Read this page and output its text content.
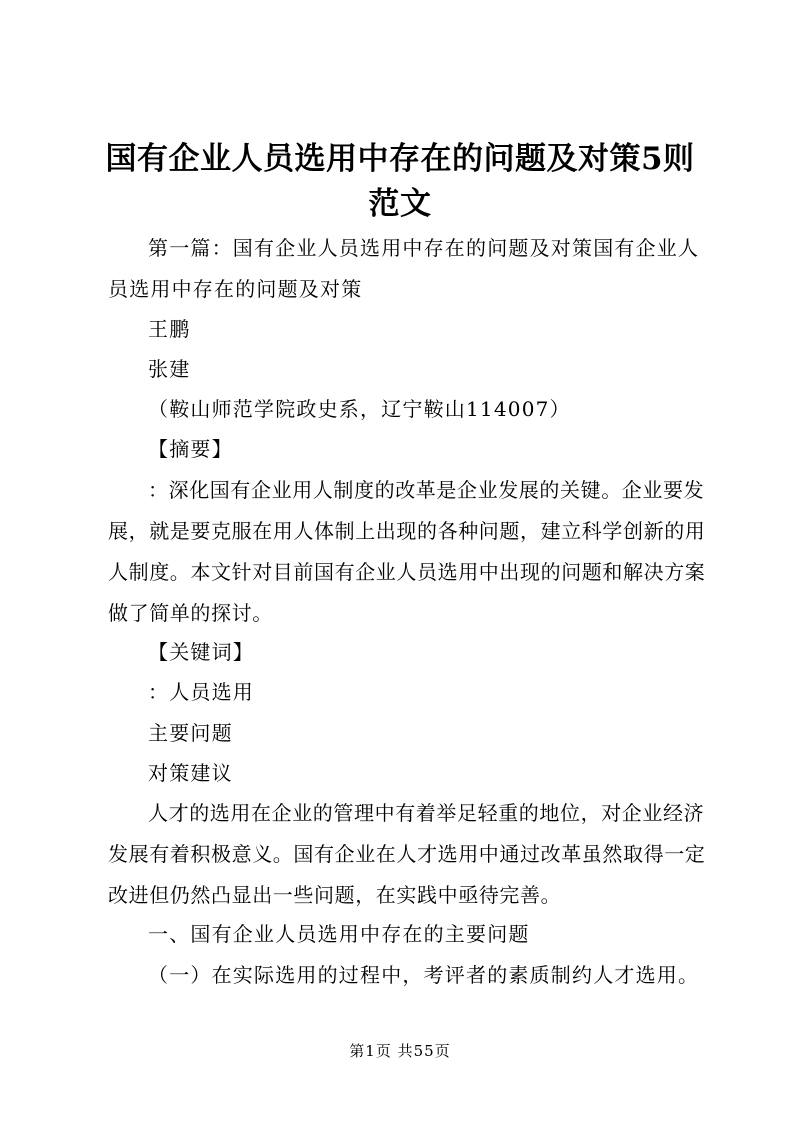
国有企业人员选用中存在的问题及对策5则范文

第一篇：国有企业人员选用中存在的问题及对策国有企业人员选用中存在的问题及对策

王鹏

张建

（鞍山师范学院政史系，辽宁鞍山114007）

【摘要】

：深化国有企业用人制度的改革是企业发展的关键。企业要发展，就是要克服在用人体制上出现的各种问题，建立科学创新的用人制度。本文针对目前国有企业人员选用中出现的问题和解决方案做了简单的探讨。

【关键词】

：人员选用

主要问题

对策建议

人才的选用在企业的管理中有着举足轻重的地位，对企业经济发展有着积极意义。国有企业在人才选用中通过改革虽然取得一定改进但仍然凸显出一些问题，在实践中亟待完善。

一、国有企业人员选用中存在的主要问题

（一）在实际选用的过程中，考评者的素质制约人才选用。

第1页 共55页
